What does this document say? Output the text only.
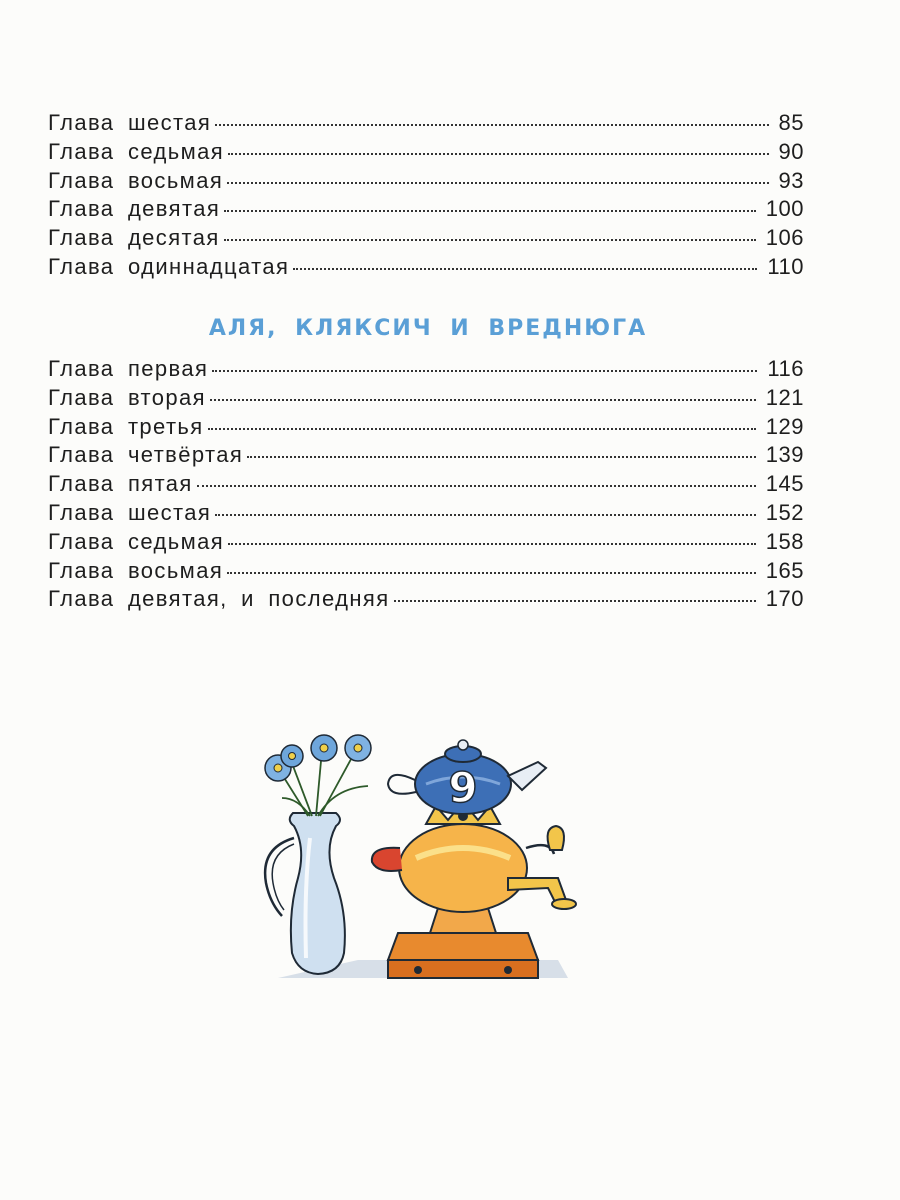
Глава шестая	85
Глава седьмая	90
Глава восьмая	93
Глава девятая	100
Глава десятая	106
Глава одиннадцатая	110
АЛЯ, КЛЯКСИЧ И ВРЕДНЮГА
Глава первая	116
Глава вторая	121
Глава третья	129
Глава четвёртая	139
Глава пятая	145
Глава шестая	152
Глава седьмая	158
Глава восьмая	165
Глава девятая, и последняя	170
9
